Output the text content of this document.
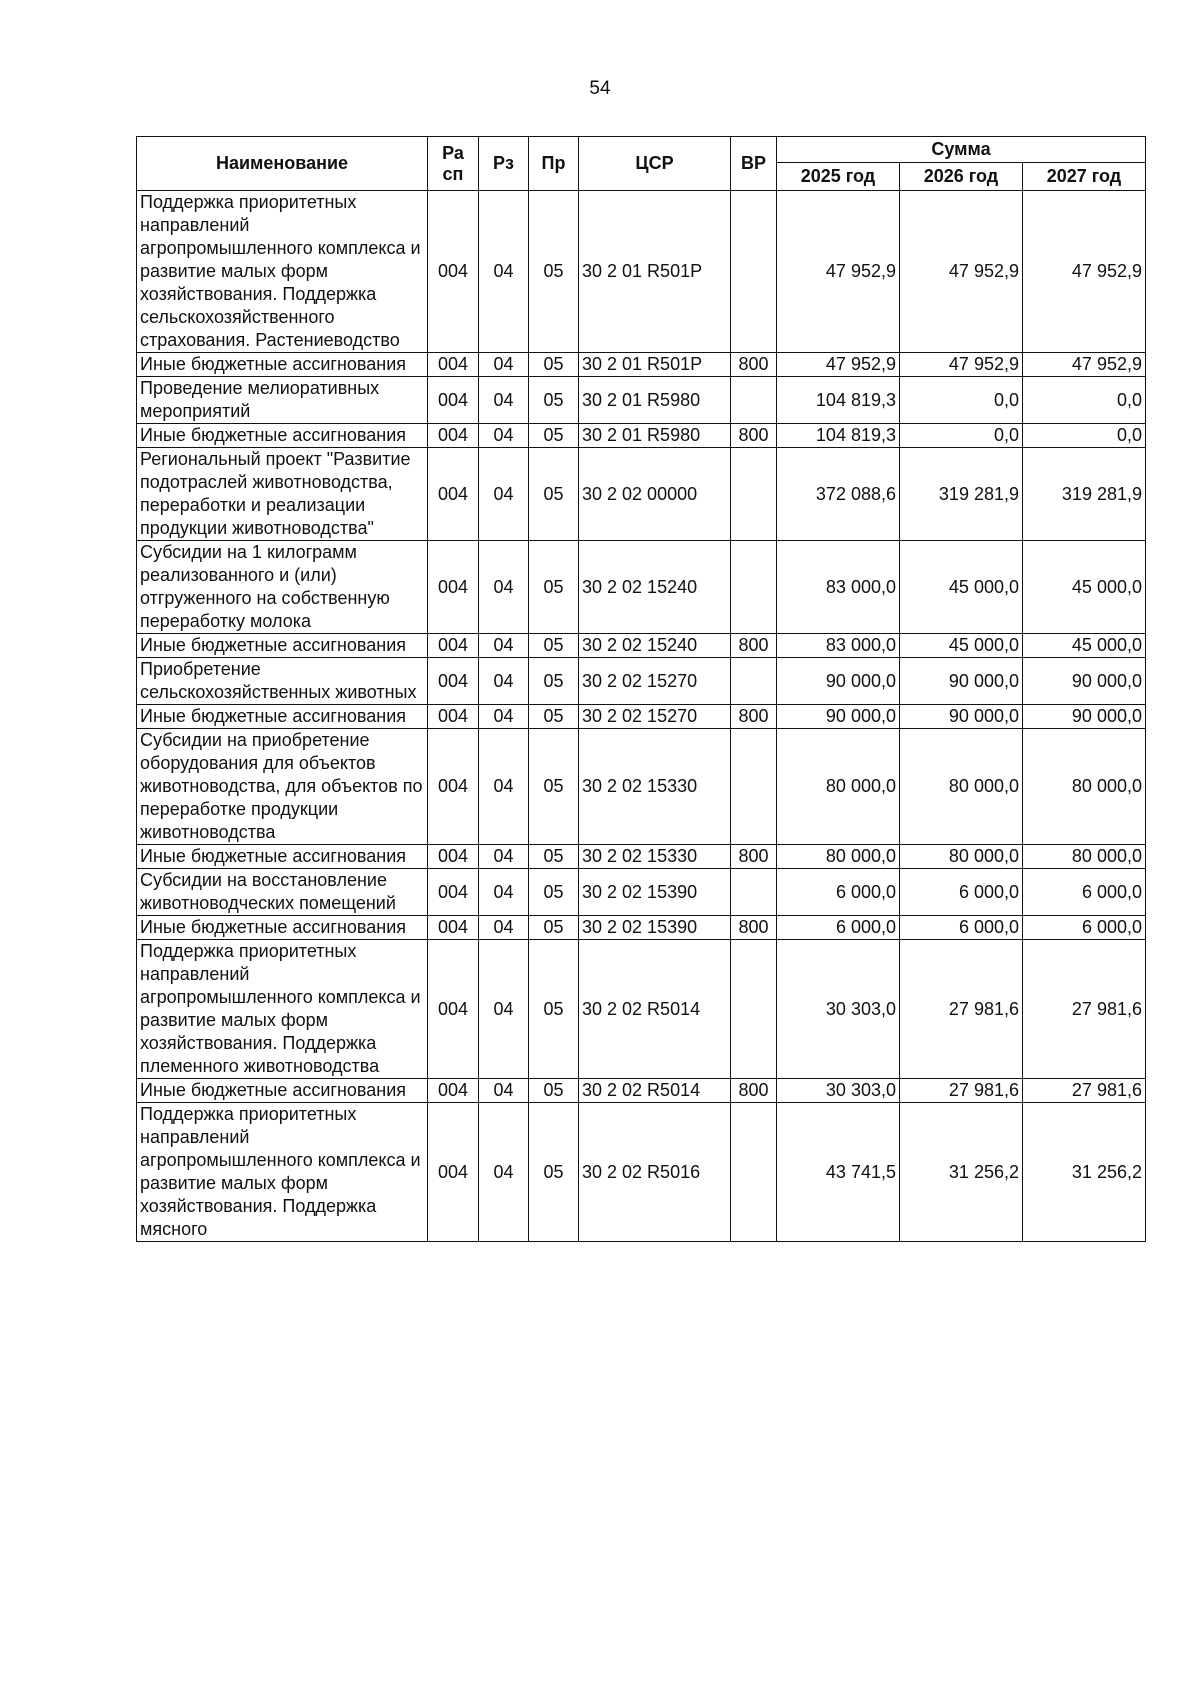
54
Наименование	Ра сп	Рз	Пр	ЦСР	ВР	Сумма		
						2025 год	2026 год	2027 год
Поддержка приоритетных направлений агропромышленного комплекса и развитие малых форм хозяйствования. Поддержка сельскохозяйственного страхования. Растениеводство	004	04	05	30 2 01 R501P		47 952,9	47 952,9	47 952,9
Иные бюджетные ассигнования	004	04	05	30 2 01 R501P	800	47 952,9	47 952,9	47 952,9
Проведение мелиоративных мероприятий	004	04	05	30 2 01 R5980		104 819,3	0,0	0,0
Иные бюджетные ассигнования	004	04	05	30 2 01 R5980	800	104 819,3	0,0	0,0
Региональный проект "Развитие подотраслей животноводства, переработки и реализации продукции животноводства"	004	04	05	30 2 02 00000		372 088,6	319 281,9	319 281,9
Субсидии на 1 килограмм реализованного и (или) отгруженного на собственную переработку молока	004	04	05	30 2 02 15240		83 000,0	45 000,0	45 000,0
Иные бюджетные ассигнования	004	04	05	30 2 02 15240	800	83 000,0	45 000,0	45 000,0
Приобретение сельскохозяйственных животных	004	04	05	30 2 02 15270		90 000,0	90 000,0	90 000,0
Иные бюджетные ассигнования	004	04	05	30 2 02 15270	800	90 000,0	90 000,0	90 000,0
Субсидии на приобретение оборудования для объектов животноводства, для объектов по переработке продукции животноводства	004	04	05	30 2 02 15330		80 000,0	80 000,0	80 000,0
Иные бюджетные ассигнования	004	04	05	30 2 02 15330	800	80 000,0	80 000,0	80 000,0
Субсидии на восстановление животноводческих помещений	004	04	05	30 2 02 15390		6 000,0	6 000,0	6 000,0
Иные бюджетные ассигнования	004	04	05	30 2 02 15390	800	6 000,0	6 000,0	6 000,0
Поддержка приоритетных направлений агропромышленного комплекса и развитие малых форм хозяйствования. Поддержка племенного животноводства	004	04	05	30 2 02 R5014		30 303,0	27 981,6	27 981,6
Иные бюджетные ассигнования	004	04	05	30 2 02 R5014	800	30 303,0	27 981,6	27 981,6
Поддержка приоритетных направлений агропромышленного комплекса и развитие малых форм хозяйствования. Поддержка мясного	004	04	05	30 2 02 R5016		43 741,5	31 256,2	31 256,2
